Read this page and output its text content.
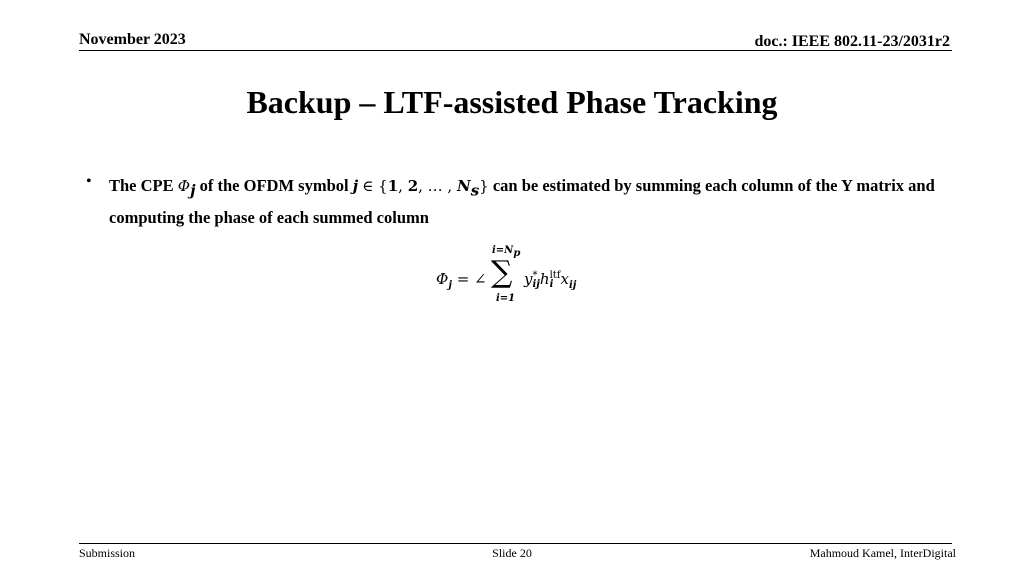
November 2023	doc.: IEEE 802.11-23/2031r2
Backup – LTF-assisted Phase Tracking
• The CPE $\Phi_j$ of the OFDM symbol j ∈ {1, 2, … , $N_s$} can be estimated by summing each column of the Y matrix and computing the phase of each summed column
$\Phi_j$ = ∠
$i=N_p$
∑
i=1
y *
ij h ltf
i $x_{ij}$
Submission	Slide 20	Mahmoud Kamel, InterDigital
